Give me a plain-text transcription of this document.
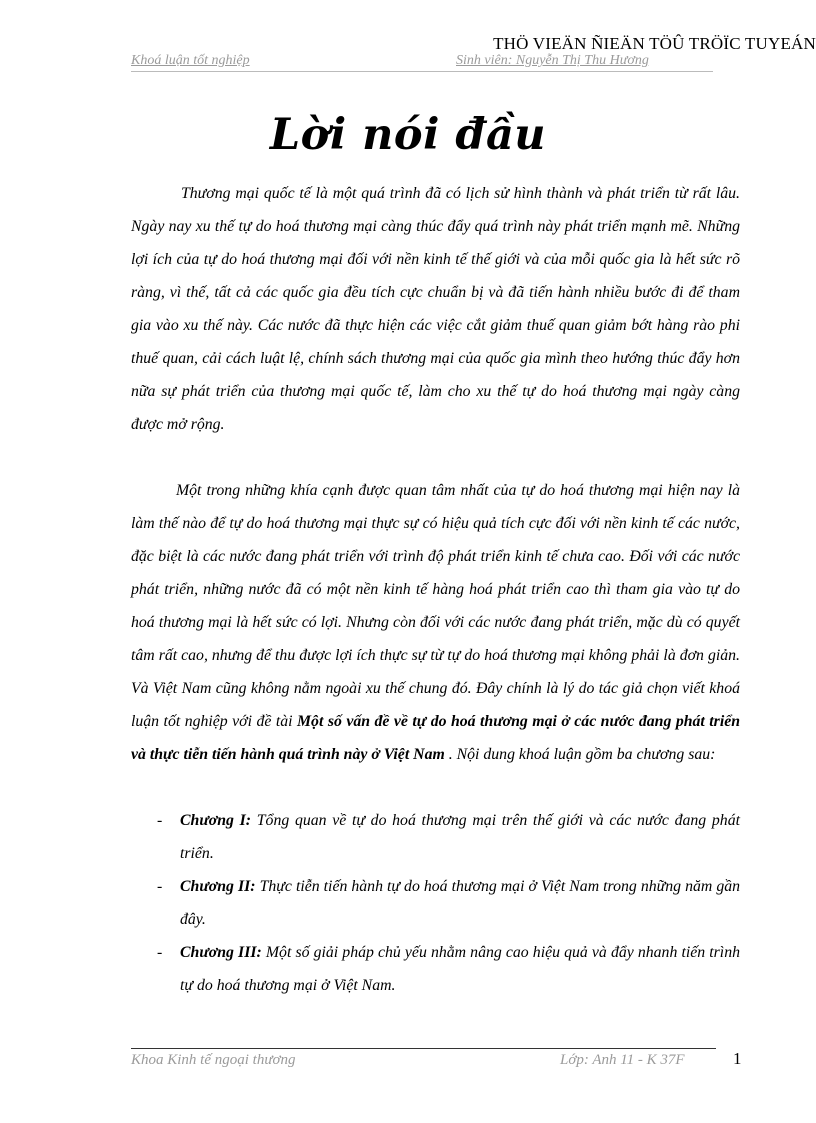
THÖ VIEÄN ÑIEÄN TÖÛ TRÖÏC TUYEÁN
Khoá luận tốt nghiệp	Sinh viên: Nguyễn Thị Thu Hương
Lời nói đầu

Thương mại quốc tế là một quá trình đã có lịch sử hình thành và phát triển từ rất lâu. Ngày nay xu thế tự do hoá thương mại càng thúc đẩy quá trình này phát triển mạnh mẽ. Những lợi ích của tự do hoá thương mại đối với nền kinh tế thế giới và của mỗi quốc gia là hết sức rõ ràng, vì thế, tất cả các quốc gia đều tích cực chuẩn bị và đã tiến hành nhiều bước đi để tham gia vào xu thế này. Các nước đã thực hiện các việc cắt giảm thuế quan giảm bớt hàng rào phi thuế quan, cải cách luật lệ, chính sách thương mại của quốc gia mình theo hướng thúc đẩy hơn nữa sự phát triển của thương mại quốc tế, làm cho xu thế tự do hoá thương mại ngày càng được mở rộng.

Một trong những khía cạnh được quan tâm nhất của tự do hoá thương mại hiện nay là làm thế nào để tự do hoá thương mại thực sự có hiệu quả tích cực đối với nền kinh tế các nước, đặc biệt là các nước đang phát triển với trình độ phát triển kinh tế chưa cao. Đối với các nước phát triển, những nước đã có một nền kinh tế hàng hoá phát triển cao thì tham gia vào tự do hoá thương mại là hết sức có lợi. Nhưng còn đối với các nước đang phát triển, mặc dù có quyết tâm rất cao, nhưng để thu được lợi ích thực sự từ tự do hoá thương mại không phải là đơn giản. Và Việt Nam cũng không nằm ngoài xu thế chung đó. Đây chính là lý do tác giả chọn viết khoá luận tốt nghiệp với đề tài Một số vấn đề về tự do hoá thương mại ở các nước đang phát triển và thực tiễn tiến hành quá trình này ở Việt Nam . Nội dung khoá luận gồm ba chương sau:

- Chương I: Tổng quan về tự do hoá thương mại trên thế giới và các nước đang phát triển.
- Chương II: Thực tiễn tiến hành tự do hoá thương mại ở Việt Nam trong những năm gần đây.
- Chương III: Một số giải pháp chủ yếu nhằm nâng cao hiệu quả và đẩy nhanh tiến trình tự do hoá thương mại ở Việt Nam.
Khoa Kinh tế ngoại thương	Lớp: Anh 11 - K 37F	1
